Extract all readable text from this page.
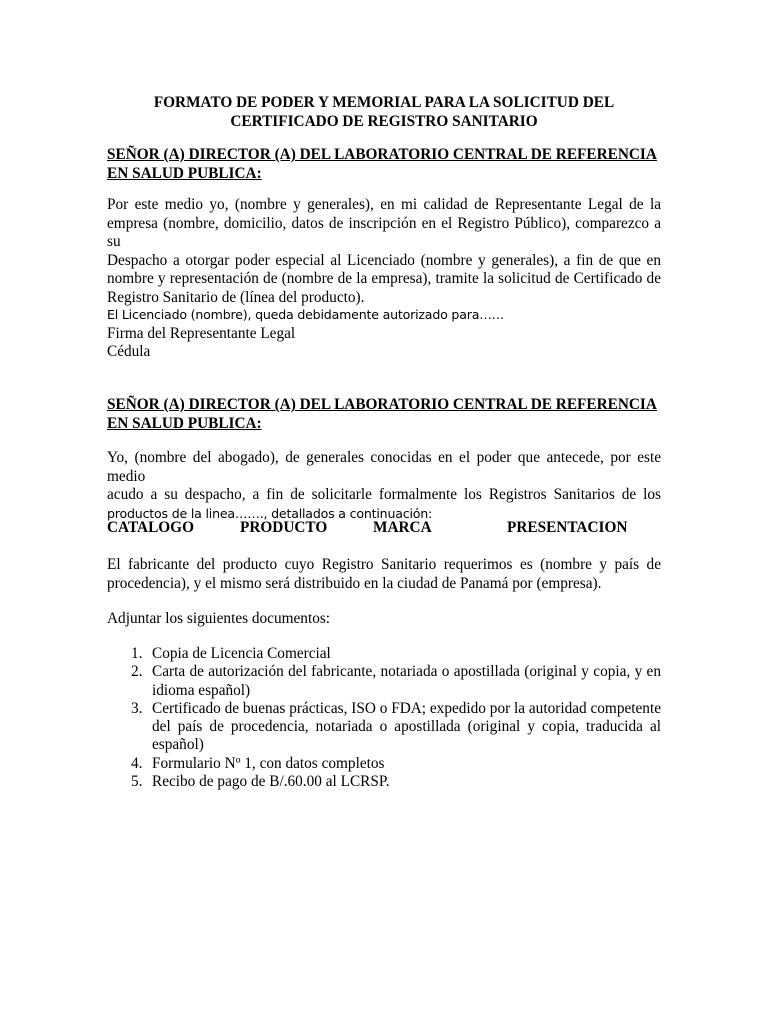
FORMATO DE PODER Y MEMORIAL PARA LA SOLICITUD DEL
CERTIFICADO DE REGISTRO SANITARIO
SEÑOR (A) DIRECTOR (A) DEL LABORATORIO CENTRAL DE REFERENCIA
EN SALUD PUBLICA:
Por este medio yo, (nombre y generales), en mi calidad de Representante Legal de la
empresa (nombre, domicilio, datos de inscripción en el Registro Público), comparezco a su
Despacho a otorgar poder especial al Licenciado (nombre y generales), a fin de que en
nombre y representación de (nombre de la empresa), tramite la solicitud de Certificado de
Registro Sanitario de (línea del producto).
El Licenciado (nombre), queda debidamente autorizado para……
Firma del Representante Legal
Cédula
SEÑOR (A) DIRECTOR (A) DEL LABORATORIO CENTRAL DE REFERENCIA
EN SALUD PUBLICA:
Yo, (nombre del abogado), de generales conocidas en el poder que antecede, por este medio
acudo a su despacho, a fin de solicitarle formalmente los Registros Sanitarios de los
productos de la linea……., detallados a continuación:
CATALOGO	PRODUCTO	MARCA	PRESENTACION
El fabricante del producto cuyo Registro Sanitario requerimos es (nombre y país de
procedencia), y el mismo será distribuido en la ciudad de Panamá por (empresa).
Adjuntar los siguientes documentos:
1. Copia de Licencia Comercial
2. Carta de autorización del fabricante, notariada o apostillada (original y copia, y en idioma español)
3. Certificado de buenas prácticas, ISO o FDA; expedido por la autoridad competente del país de procedencia, notariada o apostillada (original y copia, traducida al español)
4. Formulario Nº 1, con datos completos
5. Recibo de pago de B/.60.00 al LCRSP.
